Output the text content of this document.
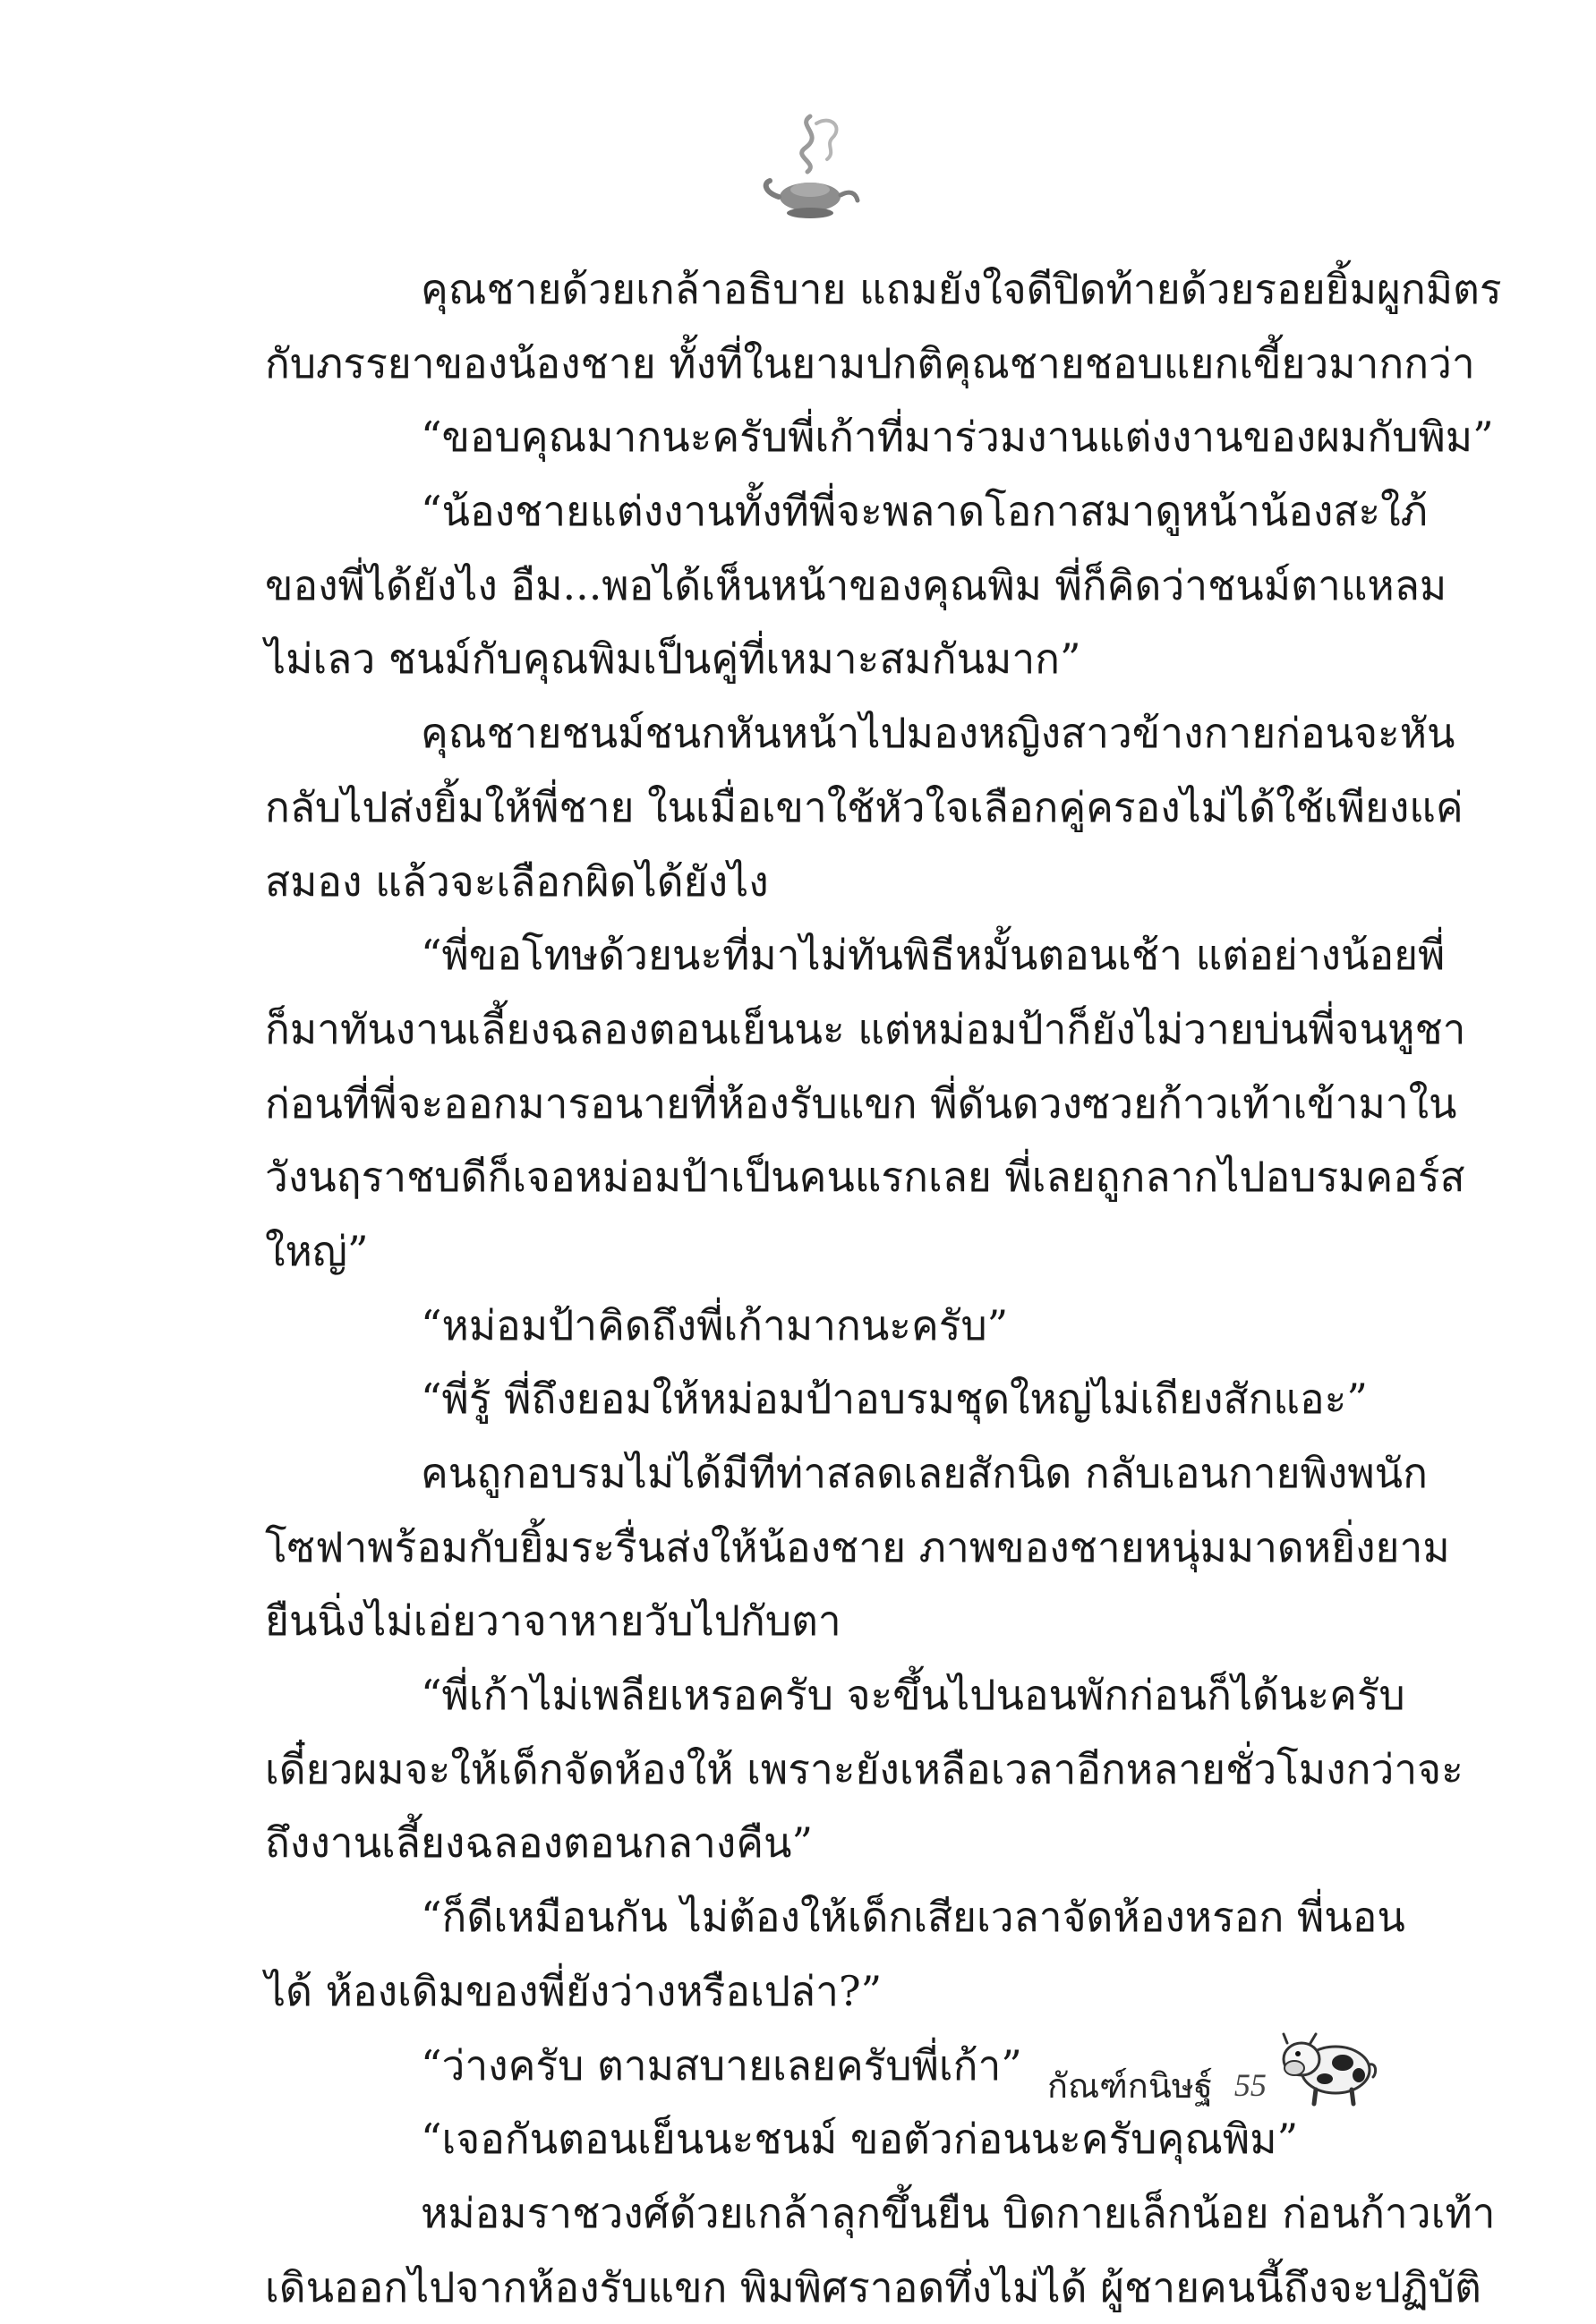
คุณชายด้วยเกล้าอธิบาย แถมยังใจดีปิดท้ายด้วยรอยยิ้มผูกมิตร
กับภรรยาของน้องชาย ทั้งที่ในยามปกติคุณชายชอบแยกเขี้ยวมากกว่า
“ขอบคุณมากนะครับพี่เก้าที่มาร่วมงานแต่งงานของผมกับพิม”
“น้องชายแต่งงานทั้งทีพี่จะพลาดโอกาสมาดูหน้าน้องสะใภ้
ของพี่ได้ยังไง อืม...พอได้เห็นหน้าของคุณพิม พี่ก็คิดว่าชนม์ตาแหลม
ไม่เลว ชนม์กับคุณพิมเป็นคู่ที่เหมาะสมกันมาก”
คุณชายชนม์ชนกหันหน้าไปมองหญิงสาวข้างกายก่อนจะหัน
กลับไปส่งยิ้มให้พี่ชาย ในเมื่อเขาใช้หัวใจเลือกคู่ครองไม่ได้ใช้เพียงแค่
สมอง แล้วจะเลือกผิดได้ยังไง
“พี่ขอโทษด้วยนะที่มาไม่ทันพิธีหมั้นตอนเช้า แต่อย่างน้อยพี่
ก็มาทันงานเลี้ยงฉลองตอนเย็นนะ แต่หม่อมป้าก็ยังไม่วายบ่นพี่จนหูชา
ก่อนที่พี่จะออกมารอนายที่ห้องรับแขก พี่ดันดวงซวยก้าวเท้าเข้ามาใน
วังนฤราชบดีก็เจอหม่อมป้าเป็นคนแรกเลย พี่เลยถูกลากไปอบรมคอร์ส
ใหญ่”
“หม่อมป้าคิดถึงพี่เก้ามากนะครับ”
“พี่รู้ พี่ถึงยอมให้หม่อมป้าอบรมชุดใหญ่ไม่เถียงสักแอะ”
คนถูกอบรมไม่ได้มีทีท่าสลดเลยสักนิด กลับเอนกายพิงพนัก
โซฟาพร้อมกับยิ้มระรื่นส่งให้น้องชาย ภาพของชายหนุ่มมาดหยิ่งยาม
ยืนนิ่งไม่เอ่ยวาจาหายวับไปกับตา
“พี่เก้าไม่เพลียเหรอครับ จะขึ้นไปนอนพักก่อนก็ได้นะครับ
เดี๋ยวผมจะให้เด็กจัดห้องให้ เพราะยังเหลือเวลาอีกหลายชั่วโมงกว่าจะ
ถึงงานเลี้ยงฉลองตอนกลางคืน”
“ก็ดีเหมือนกัน ไม่ต้องให้เด็กเสียเวลาจัดห้องหรอก พี่นอน
ได้ ห้องเดิมของพี่ยังว่างหรือเปล่า?”
“ว่างครับ ตามสบายเลยครับพี่เก้า”
“เจอกันตอนเย็นนะชนม์ ขอตัวก่อนนะครับคุณพิม”
หม่อมราชวงศ์ด้วยเกล้าลุกขึ้นยืน บิดกายเล็กน้อย ก่อนก้าวเท้า
เดินออกไปจากห้องรับแขก พิมพิศราอดทึ่งไม่ได้ ผู้ชายคนนี้ถึงจะปฏิบัติ
กัณฑ์กนิษฐ์ 55
